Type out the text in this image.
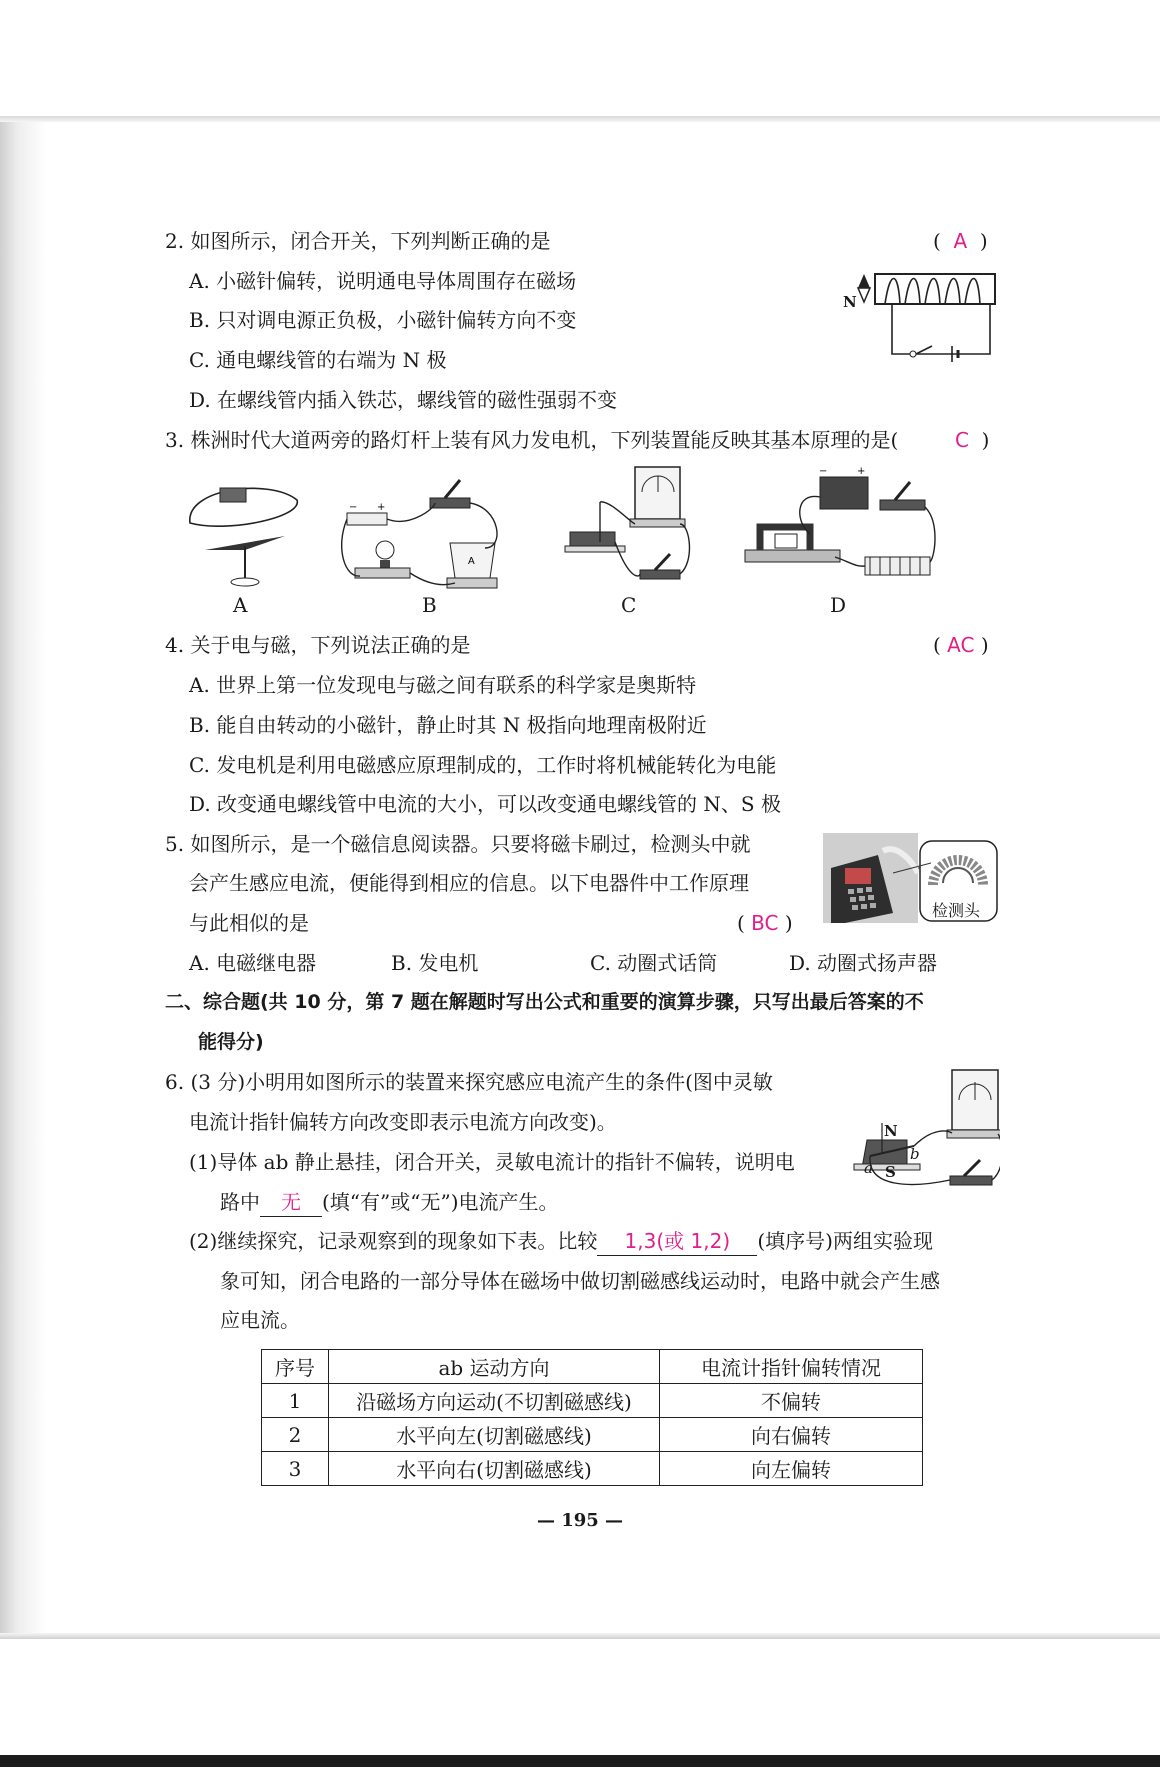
2. 如图所示，闭合开关，下列判断正确的是	(  A  )
A. 小磁针偏转，说明通电导体周围存在磁场
B. 只对调电源正负极，小磁针偏转方向不变
C. 通电螺线管的右端为 N 极
D. 在螺线管内插入铁芯，螺线管的磁性强弱不变
N
3. 株洲时代大道两旁的路灯杆上装有风力发电机，下列装置能反映其基本原理的是(	C  )
− +
A
−	+
A	B	C	D
4. 关于电与磁，下列说法正确的是	( AC )
A. 世界上第一位发现电与磁之间有联系的科学家是奥斯特
B. 能自由转动的小磁针，静止时其 N 极指向地理南极附近
C. 发电机是利用电磁感应原理制成的，工作时将机械能转化为电能
D. 改变通电螺线管中电流的大小，可以改变通电螺线管的 N、S 极
5. 如图所示，是一个磁信息阅读器。只要将磁卡刷过，检测头中就
会产生感应电流，便能得到相应的信息。以下电器件中工作原理
与此相似的是	( BC )
检测头
A. 电磁继电器	B. 发电机	C. 动圈式话筒	D. 动圈式扬声器
二、综合题(共 10 分，第 7 题在解题时写出公式和重要的演算步骤，只写出最后答案的不
能得分)
6. (3 分)小明用如图所示的装置来探究感应电流产生的条件(图中灵敏
电流计指针偏转方向改变即表示电流方向改变)。
(1)导体 ab 静止悬挂，闭合开关，灵敏电流计的指针不偏转，说明电
路中 无 (填“有”或“无”)电流产生。
N
S
a
b
(2)继续探究，记录观察到的现象如下表。比较 1,3(或 1,2) (填序号)两组实验现
象可知，闭合电路的一部分导体在磁场中做切割磁感线运动时，电路中就会产生感
应电流。
序号	ab 运动方向	电流计指针偏转情况
1	沿磁场方向运动(不切割磁感线)	不偏转
2	水平向左(切割磁感线)	向右偏转
3	水平向右(切割磁感线)	向左偏转
— 195 —
